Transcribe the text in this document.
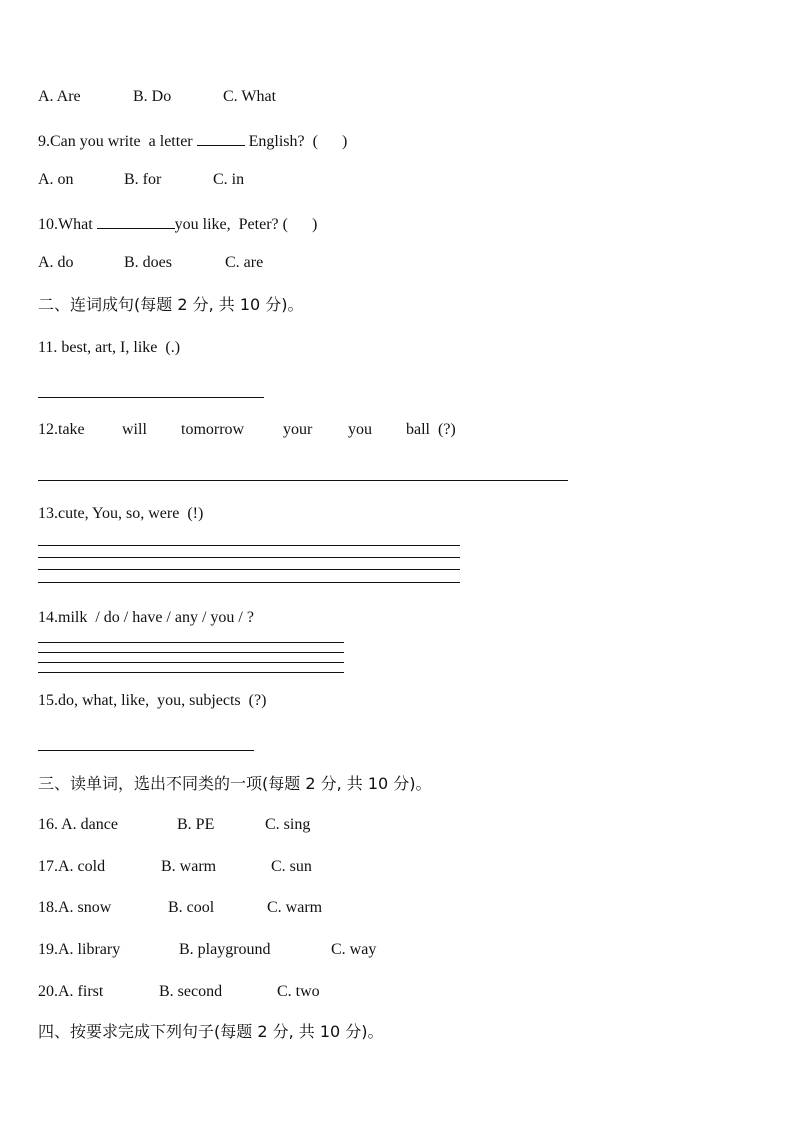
A. Are	B. Do	C. What
9.Can you write  a letter	English?  (      )
A. on	B. for	C. in
10.What	you like,  Peter? (      )
A. do	B. does	C. are
二、连词成句(每题 2 分, 共 10 分)。
11. best, art, I, like  (.)
12.take will tomorrow your you ball  (?)
13.cute, You, so, were  (!)
14.milk  / do / have / any / you / ?
15.do, what, like,  you, subjects  (?)
三、读单词，选出不同类的一项(每题 2 分, 共 10 分)。
16. A. dance	B. PE	C. sing
17.A. cold	B. warm	C. sun
18.A. snow	B. cool	C. warm
19.A. library	B. playground	C. way
20.A. first	B. second	C. two
四、按要求完成下列句子(每题 2 分, 共 10 分)。
